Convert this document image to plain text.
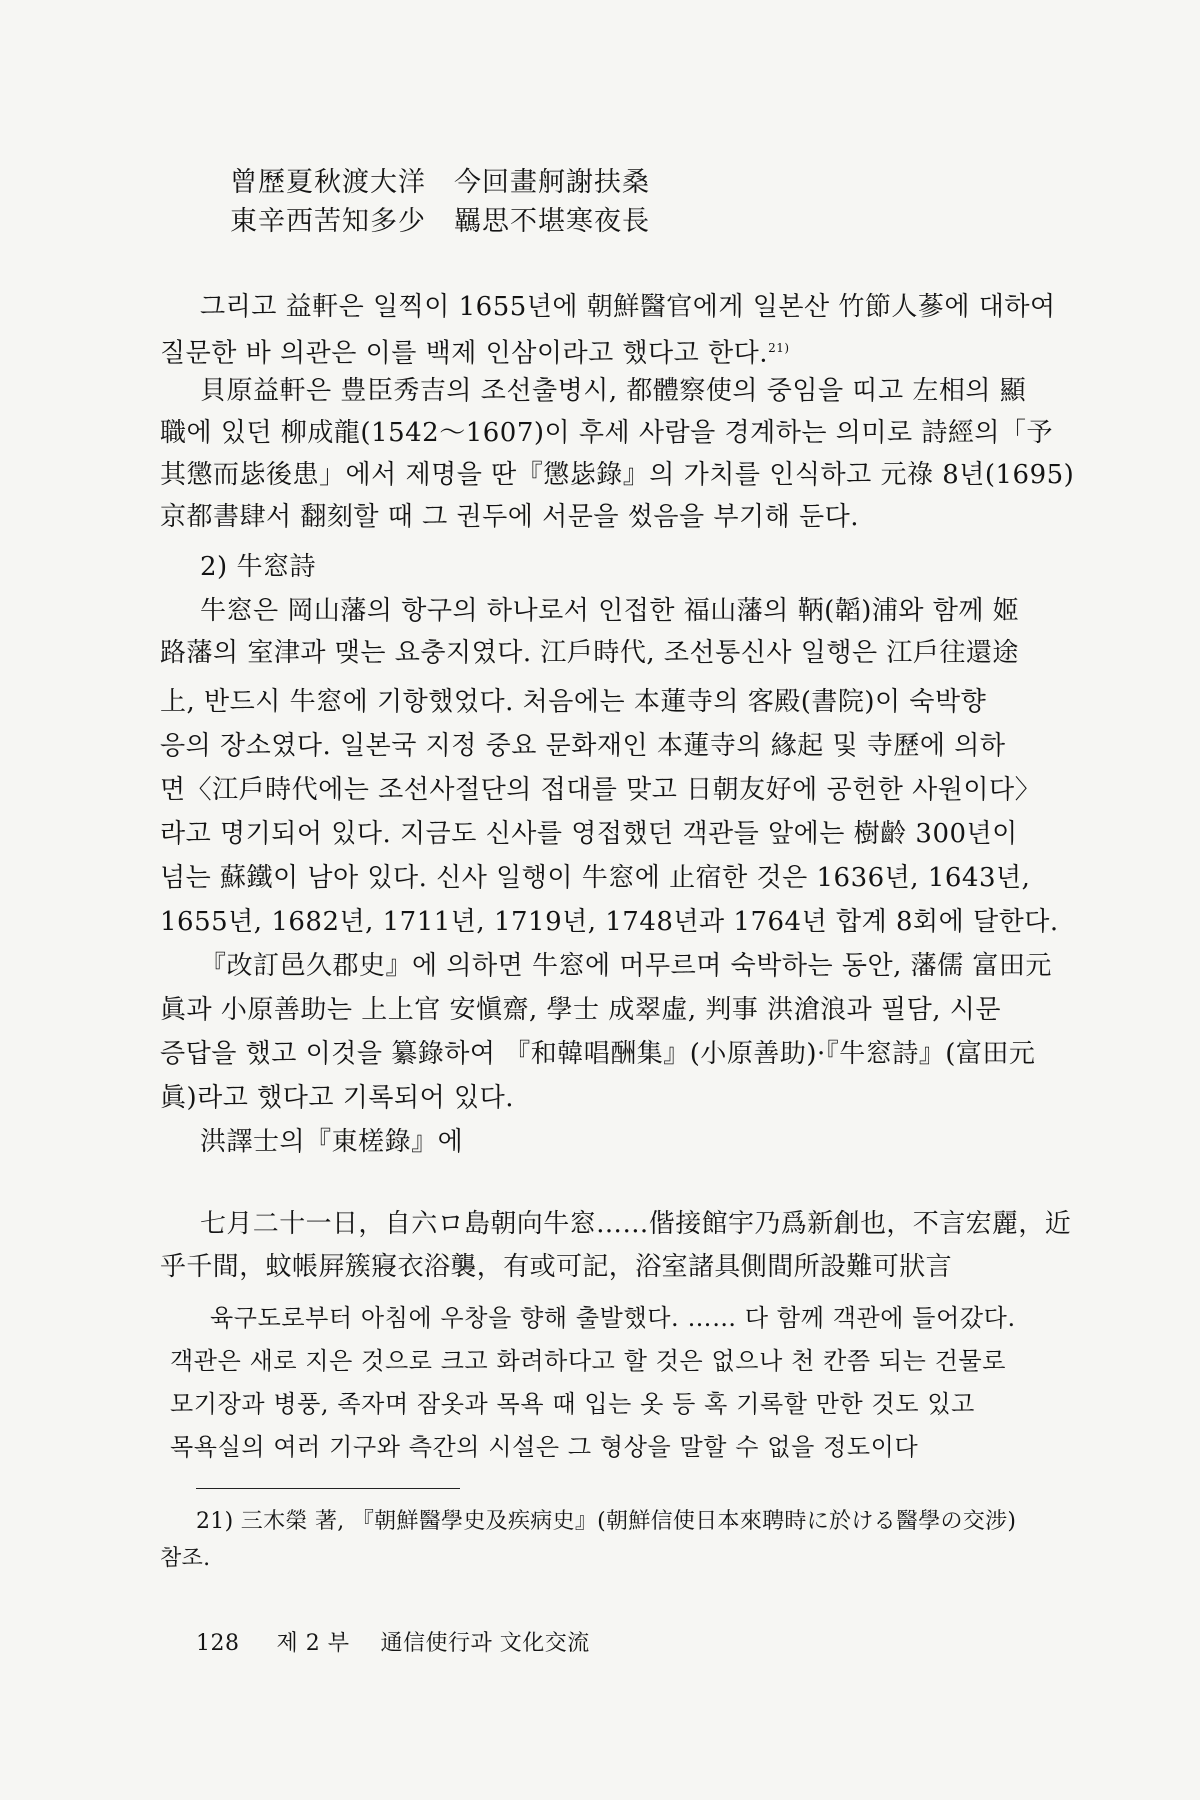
曾歷夏秋渡大洋　今回畫舸謝扶桑
東辛西苦知多少　羈思不堪寒夜長
그리고 益軒은 일찍이 1655년에 朝鮮醫官에게 일본산 竹節人蔘에 대하여
질문한 바 의관은 이를 백제 인삼이라고 했다고 한다.$^{21)}$
貝原益軒은 豊臣秀吉의 조선출병시, 都體察使의 중임을 띠고 左相의 顯
職에 있던 柳成龍(1542～1607)이 후세 사람을 경계하는 의미로 詩經의「予
其懲而毖後患」에서 제명을 딴『懲毖錄』의 가치를 인식하고 元祿 8년(1695)
京都書肆서 翻刻할 때 그 권두에 서문을 썼음을 부기해 둔다.
2) 牛窓詩
牛窓은 岡山藩의 항구의 하나로서 인접한 福山藩의 鞆(韜)浦와 함께 姬
路藩의 室津과 맺는 요충지였다. 江戶時代, 조선통신사 일행은 江戶往還途
上, 반드시 牛窓에 기항했었다. 처음에는 本蓮寺의 客殿(書院)이 숙박향
응의 장소였다. 일본국 지정 중요 문화재인 本蓮寺의 緣起 및 寺歷에 의하
면〈江戶時代에는 조선사절단의 접대를 맞고 日朝友好에 공헌한 사원이다〉
라고 명기되어 있다. 지금도 신사를 영접했던 객관들 앞에는 樹齡 300년이
넘는 蘇鐵이 남아 있다. 신사 일행이 牛窓에 止宿한 것은 1636년, 1643년,
1655년, 1682년, 1711년, 1719년, 1748년과 1764년 합계 8회에 달한다.
『改訂邑久郡史』에 의하면 牛窓에 머무르며 숙박하는 동안, 藩儒 富田元
眞과 小原善助는 上上官 安愼齋, 學士 成翠虛, 判事 洪滄浪과 필담, 시문
증답을 했고 이것을 纂錄하여 『和韓唱酬集』(小原善助)·『牛窓詩』(富田元
眞)라고 했다고 기록되어 있다.
洪譯士의『東槎錄』에
七月二十一日，自六ロ島朝向牛窓……偕接館宇乃爲新創也，不言宏麗，近
乎千間，蚊帳屛簇寢衣浴襲，有或可記，浴室諸具側間所設難可狀言
육구도로부터 아침에 우창을 향해 출발했다. …… 다 함께 객관에 들어갔다.
객관은 새로 지은 것으로 크고 화려하다고 할 것은 없으나 천 칸쯤 되는 건물로
모기장과 병풍, 족자며 잠옷과 목욕 때 입는 옷 등 혹 기록할 만한 것도 있고
목욕실의 여러 기구와 측간의 시설은 그 형상을 말할 수 없을 정도이다
21) 三木榮 著, 『朝鮮醫學史及疾病史』(朝鮮信使日本來聘時に於ける醫學の交涉)
참조.
128 제 2 부 通信使行과 文化交流
